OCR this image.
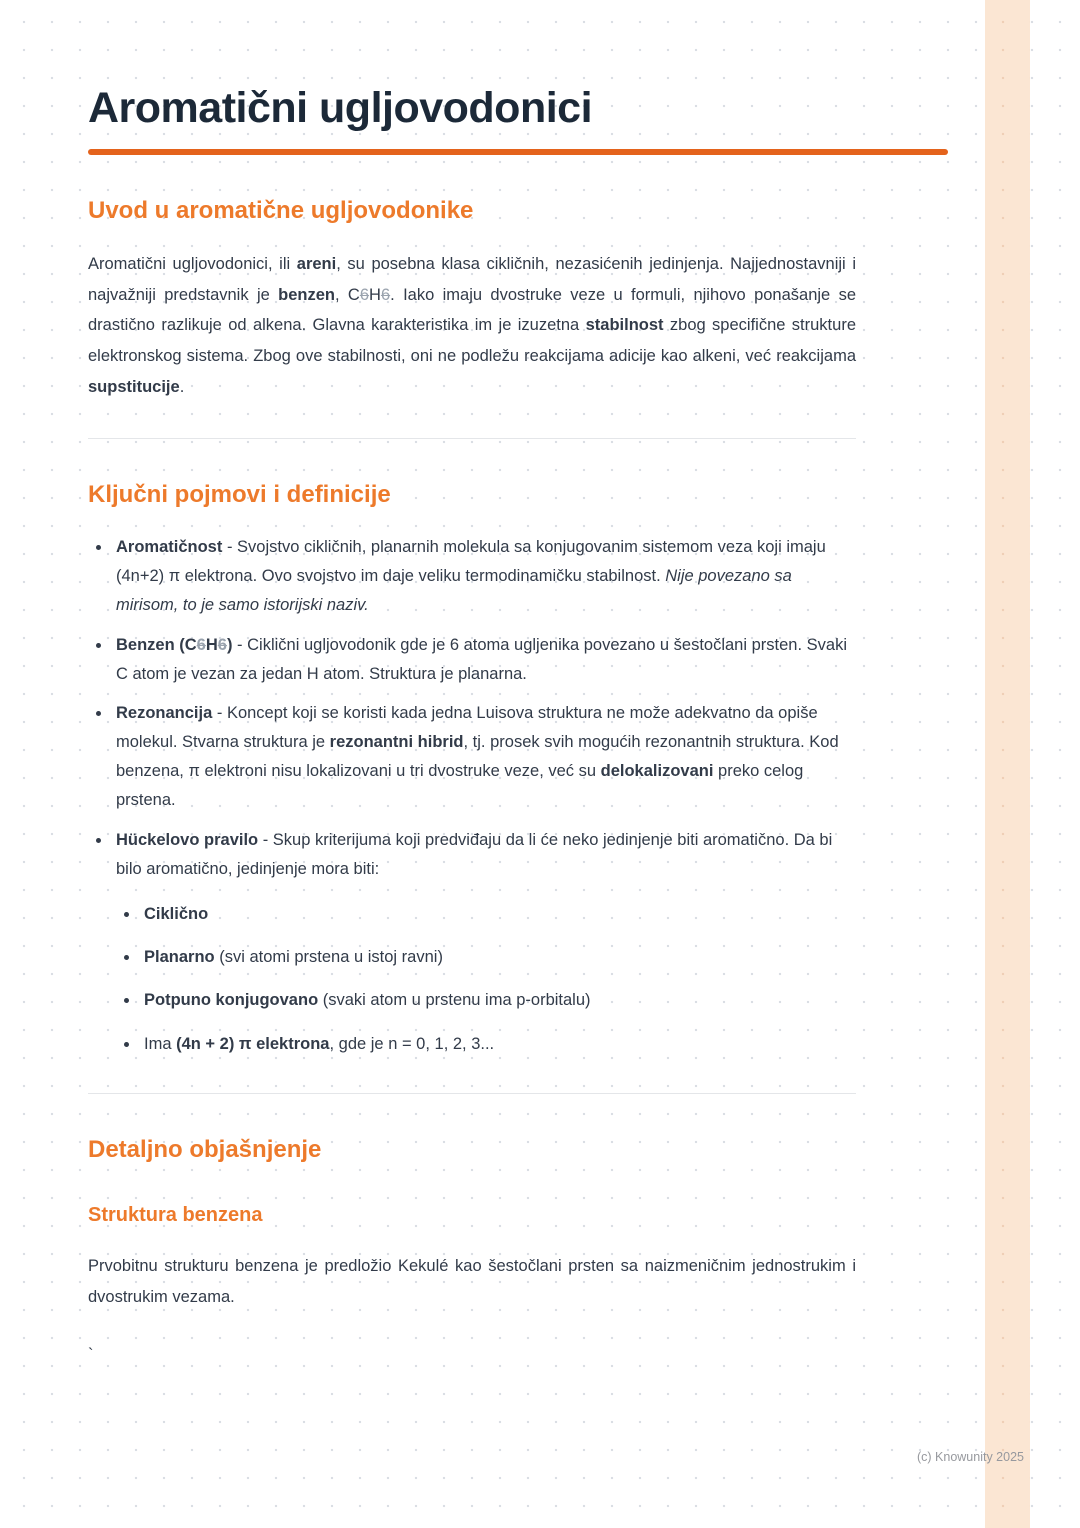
Aromatični ugljovodonici
Uvod u aromatične ugljovodonike

Aromatični ugljovodonici, ili areni, su posebna klasa cikličnih, nezasićenih jedinjenja. Najjednostavniji i najvažniji predstavnik je benzen, C6H6. Iako imaju dvostruke veze u formuli, njihovo ponašanje se drastično razlikuje od alkena. Glavna karakteristika im je izuzetna stabilnost zbog specifične strukture elektronskog sistema. Zbog ove stabilnosti, oni ne podležu reakcijama adicije kao alkeni, već reakcijama supstitucije.

Ključni pojmovi i definicije
• Aromatičnost - Svojstvo cikličnih, planarnih molekula sa konjugovanim sistemom veza koji imaju (4n+2) π elektrona. Ovo svojstvo im daje veliku termodinamičku stabilnost. Nije povezano sa mirisom, to je samo istorijski naziv.
• Benzen (C6H6) - Ciklični ugljovodonik gde je 6 atoma ugljenika povezano u šestočlani prsten. Svaki C atom je vezan za jedan H atom. Struktura je planarna.
• Rezonancija - Koncept koji se koristi kada jedna Luisova struktura ne može adekvatno da opiše molekul. Stvarna struktura je rezonantni hibrid, tj. prosek svih mogućih rezonantnih struktura. Kod benzena, π elektroni nisu lokalizovani u tri dvostruke veze, već su delokalizovani preko celog prstena.
• Hückelovo pravilo - Skup kriterijuma koji predviđaju da li će neko jedinjenje biti aromatično. Da bi bilo aromatično, jedinjenje mora biti:
• Ciklično
• Planarno (svi atomi prstena u istoj ravni)
• Potpuno konjugovano (svaki atom u prstenu ima p-orbitalu)
• Ima (4n + 2) π elektrona, gde je n = 0, 1, 2, 3...
Detaljno objašnjenje
Struktura benzena

Prvobitnu strukturu benzena je predložio Kekulé kao šestočlani prsten sa naizmeničnim jednostrukim i dvostrukim vezama.

`

(c) Knowunity 2025
